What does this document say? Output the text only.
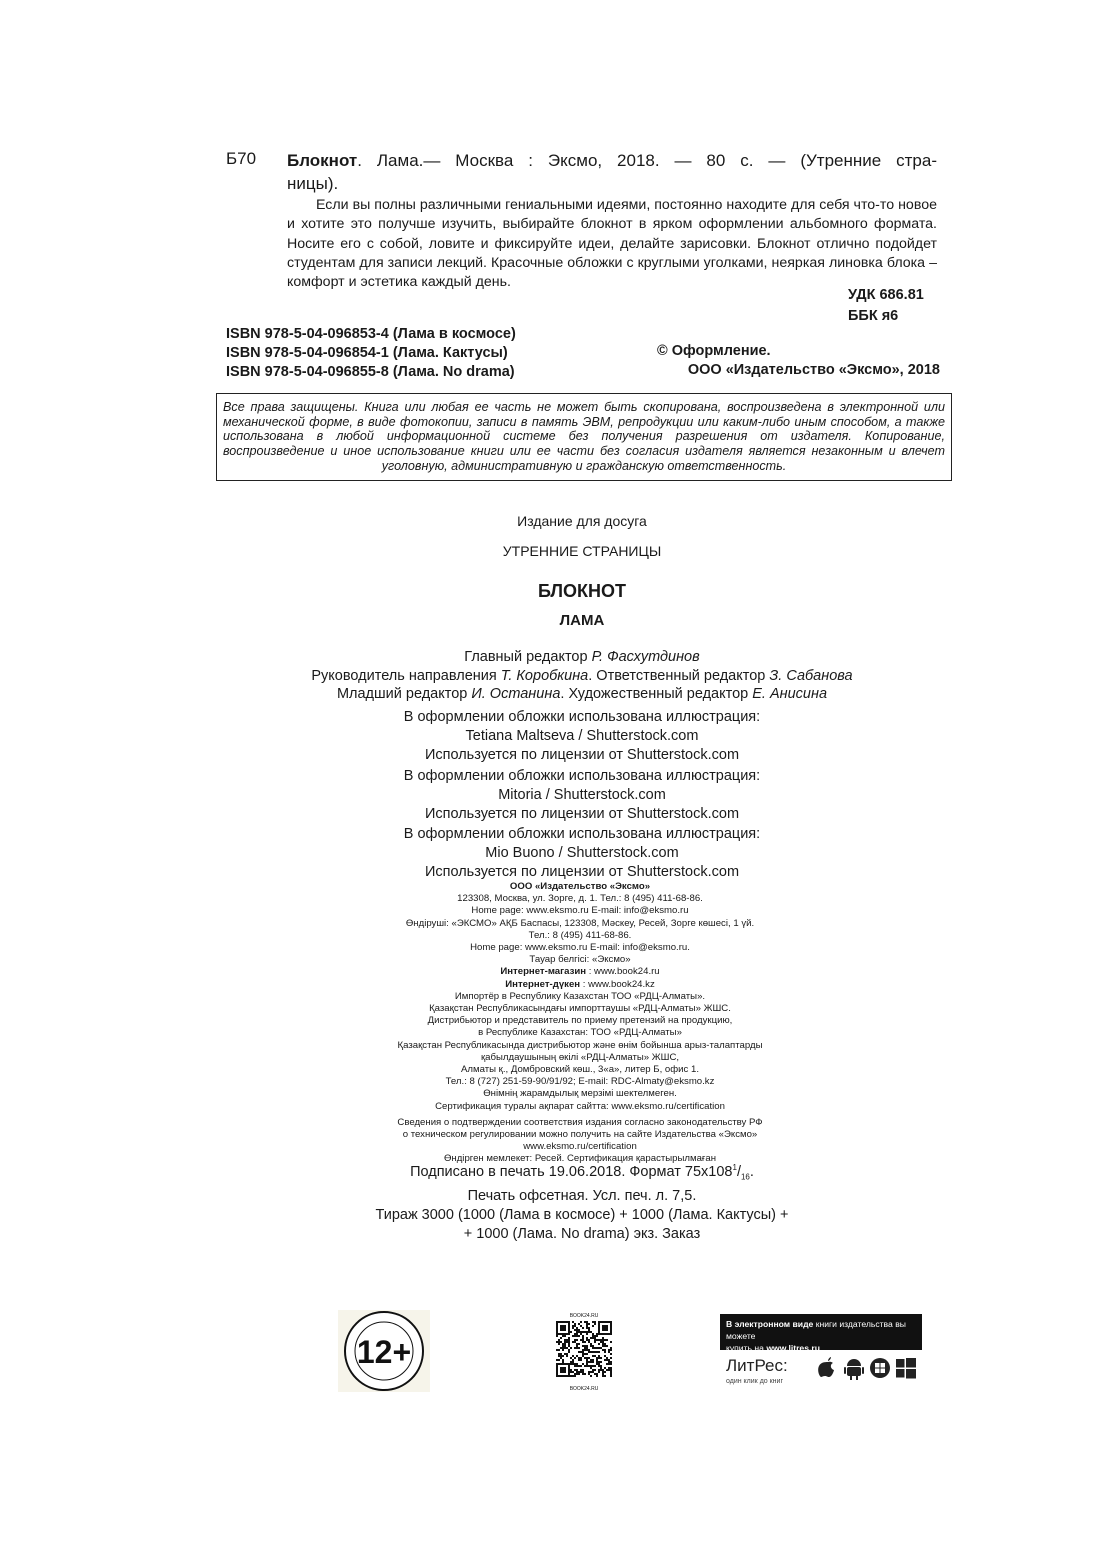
Б70 Блокнот. Лама.— Москва : Эксмо, 2018. — 80 с. — (Утренние стра-
ницы).

Если вы полны различными гениальными идеями, постоянно находите для себя что-то новое и хотите это получше изучить, выбирайте блокнот в ярком оформлении альбомного формата. Носите его с собой, ловите и фиксируйте идеи, делайте зарисовки. Блокнот отлично подойдет студентам для записи лекций. Красочные обложки с круглыми уголками, неяркая линовка блока – комфорт и эстетика каждый день.

УДК 686.81
ББК я6
ISBN 978-5-04-096853-4 (Лама в космосе)
ISBN 978-5-04-096854-1 (Лама. Кактусы)
ISBN 978-5-04-096855-8 (Лама. No drama)
© Оформление.
ООО «Издательство «Эксмо», 2018
Все права защищены. Книга или любая ее часть не может быть скопирована, воспроизведена в электронной или механической форме, в виде фотокопии, записи в память ЭВМ, репродукции или каким-либо иным способом, а также использована в любой информационной системе без получения разрешения от издателя. Копирование, воспроизведение и иное использование книги или ее части без согласия издателя является незаконным и влечет уголовную, административную и гражданскую ответственность.
Издание для досуга
УТРЕННИЕ СТРАНИЦЫ
БЛОКНОТ
ЛАМА
Главный редактор Р. Фасхутдинов
Руководитель направления Т. Коробкина. Ответственный редактор З. Сабанова
Младший редактор И. Останина. Художественный редактор Е. Анисина
В оформлении обложки использована иллюстрация:
Tetiana Maltseva / Shutterstock.com
Используется по лицензии от Shutterstock.com
В оформлении обложки использована иллюстрация:
Mitoria / Shutterstock.com
Используется по лицензии от Shutterstock.com
В оформлении обложки использована иллюстрация:
Mio Buono / Shutterstock.com
Используется по лицензии от Shutterstock.com
ООО «Издательство «Эксмо»
123308, Москва, ул. Зорге, д. 1. Тел.: 8 (495) 411-68-86.
Home page: www.eksmo.ru E-mail: info@eksmo.ru
Өндіруші: «ЭКСМО» АҚБ Баспасы, 123308, Мәскеу, Ресей, Зорге көшесі, 1 үй.
Тел.: 8 (495) 411-68-86.
Home page: www.eksmo.ru E-mail: info@eksmo.ru.
Тауар белгісі: «Эксмо»
Интернет-магазин : www.book24.ru
Интернет-дүкен : www.book24.kz
Импортёр в Республику Казахстан ТОО «РДЦ-Алматы».
Қазақстан Республикасындағы импорттаушы «РДЦ-Алматы» ЖШС.
Дистрибьютор и представитель по приему претензий на продукцию,
в Республике Казахстан: ТОО «РДЦ-Алматы»
Қазақстан Республикасында дистрибьютор және өнім бойынша арыз-талаптарды
қабылдаушының өкілі «РДЦ-Алматы» ЖШС,
Алматы қ., Домбровский көш., 3«а», литер Б, офис 1.
Тел.: 8 (727) 251-59-90/91/92; E-mail: RDC-Almaty@eksmo.kz
Өнімнің жарамдылық мерзімі шектелмеген.
Сертификация туралы ақпарат сайтта: www.eksmo.ru/certification
Сведения о подтверждении соответствия издания согласно законодательству РФ
о техническом регулировании можно получить на сайте Издательства «Эксмо»
www.eksmo.ru/certification
Өндірген мемлекет: Ресей. Сертификация қарастырылмаған
Подписано в печать 19.06.2018. Формат $75х108^1/_{16}$.
Печать офсетная. Усл. печ. л. 7,5.
Тираж 3000 (1000 (Лама в космосе) + 1000 (Лама. Кактусы) +
+ 1000 (Лама. No drama) экз. Заказ
12+
BOOK24.RU
BOOK24.RU
В электронном виде книги издательства вы можете
купить на www.litres.ru
ЛитРес:
один клик до книг
